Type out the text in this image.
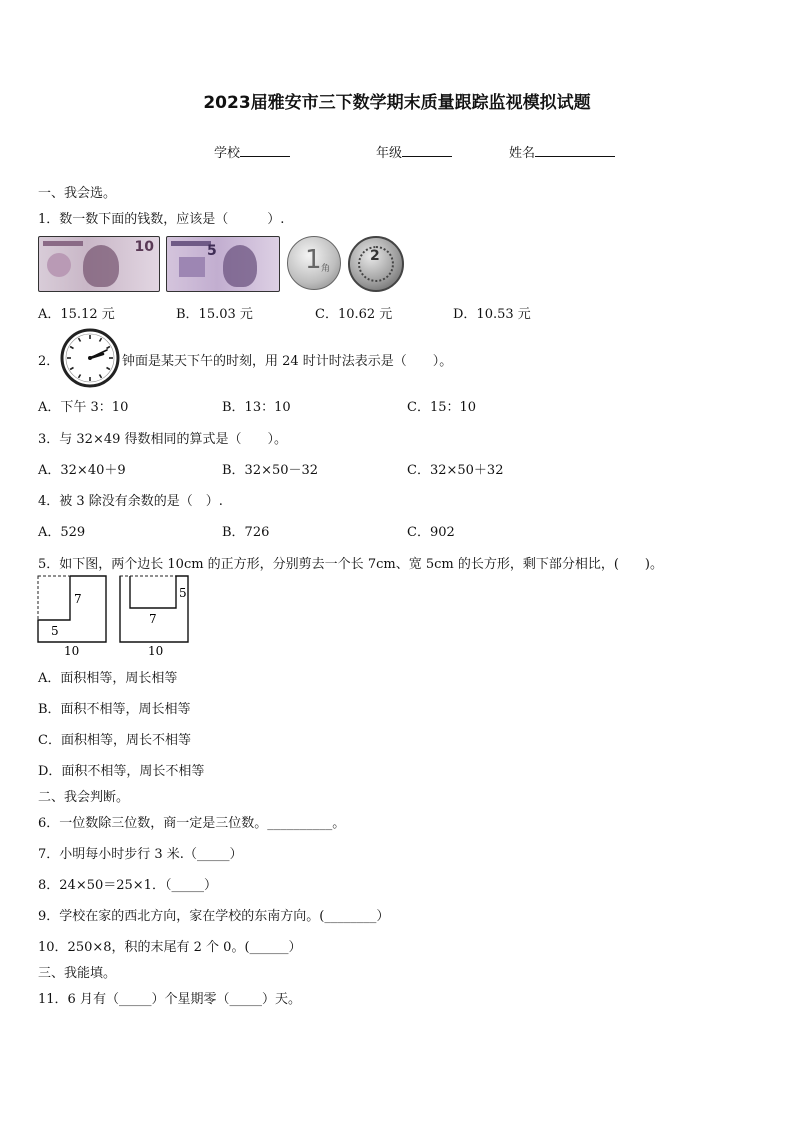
2023届雅安市三下数学期末质量跟踪监视模拟试题
学校	年级	姓名
一、我会选。
1．数一数下面的钱数，应该是（　　　）.
10	5	1 角
2
A．15.12 元	B．15.03 元	C．10.62 元	D．10.53 元
2．	钟面是某天下午的时刻，用 24 时计时法表示是（　　）。
A．下午 3：10	B．13：10	C．15：10
3．与 32×49 得数相同的算式是（　　）。
A．32×40＋9	B．32×50－32	C．32×50＋32
4．被 3 除没有余数的是（　）.
A．529	B．726	C．902
5．如下图，两个边长 10cm 的正方形，分别剪去一个长 7cm、宽 5cm 的长方形，剩下部分相比，(　　)。
7
5
10
5
7
10
A．面积相等，周长相等
B．面积不相等，周长相等
C．面积相等，周长不相等
D．面积不相等，周长不相等
二、我会判断。
6．一位数除三位数，商一定是三位数。__________。
7．小明每小时步行 3 米.（_____）
8．24×50＝25×1．（_____）
9．学校在家的西北方向，家在学校的东南方向。(________）
10．250×8，积的末尾有 2 个 0。(______）
三、我能填。
11．6 月有（_____）个星期零（_____）天。
